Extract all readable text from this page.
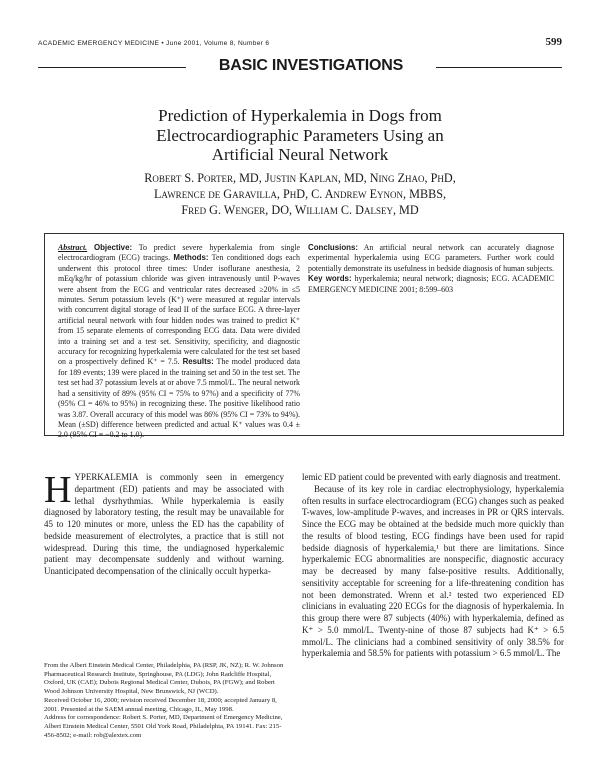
ACADEMIC EMERGENCY MEDICINE • June 2001, Volume 8, Number 6	599
BASIC INVESTIGATIONS
Prediction of Hyperkalemia in Dogs from
Electrocardiographic Parameters Using an
Artificial Neural Network
Robert S. Porter, MD, Justin Kaplan, MD, Ning Zhao, PhD,
Lawrence de Garavilla, PhD, C. Andrew Eynon, MBBS,
Fred G. Wenger, DO, William C. Dalsey, MD
Abstract. Objective: To predict severe hyperkalemia from single electrocardiogram (ECG) tracings. Methods: Ten conditioned dogs each underwent this protocol three times: Under isoflurane anesthesia, 2 mEq/kg/hr of potassium chloride was given intravenously until P-waves were absent from the ECG and ventricular rates decreased ≥20% in ≤5 minutes. Serum potassium levels (K⁺) were measured at regular intervals with concurrent digital storage of lead II of the surface ECG. A three-layer artificial neural network with four hidden nodes was trained to predict K⁺ from 15 separate elements of corresponding ECG data. Data were divided into a training set and a test set. Sensitivity, specificity, and diagnostic accuracy for recognizing hyperkalemia were calculated for the test set based on a prospectively defined K⁺ = 7.5. Results: The model produced data for 189 events; 139 were placed in the training set and 50 in the test set. The test set had 37 potassium levels at or above 7.5 mmol/L. The neural network had a sensitivity of 89% (95% CI = 75% to 97%) and a specificity of 77% (95% CI = 46% to 95%) in recognizing these. The positive likelihood ratio was 3.87. Overall accuracy of this model was 86% (95% CI = 73% to 94%). Mean (±SD) difference between predicted and actual K⁺ values was 0.4 ± 2.0 (95% CI = −0.2 to 1.0).
Conclusions: An artificial neural network can accurately diagnose experimental hyperkalemia using ECG parameters. Further work could potentially demonstrate its usefulness in bedside diagnosis of human subjects. Key words: hyperkalemia; neural network; diagnosis; ECG. ACADEMIC EMERGENCY MEDICINE 2001; 8:599–603
HYPERKALEMIA is commonly seen in emergency department (ED) patients and may be associated with lethal dysrhythmias. While hyperkalemia is easily diagnosed by laboratory testing, the result may be unavailable for 45 to 120 minutes or more, unless the ED has the capability of bedside measurement of electrolytes, a practice that is still not widespread. During this time, the undiagnosed hyperkalemic patient may decompensate suddenly and without warning. Unanticipated decompensation of the clinically occult hyperka-

From the Albert Einstein Medical Center, Philadelphia, PA (RSP, JK, NZ); R. W. Johnson Pharmaceutical Research Institute, Springhouse, PA (LDG); John Radcliffe Hospital, Oxford, UK (CAE); Dubois Regional Medical Center, Dubois, PA (FGW); and Robert Wood Johnson University Hospital, New Brunswick, NJ (WCD).

Received October 16, 2000; revision received December 18, 2000; accepted January 8, 2001. Presented at the SAEM annual meeting, Chicago, IL, May 1998.

Address for correspondence: Robert S. Porter, MD, Department of Emergency Medicine, Albert Einstein Medical Center, 5501 Old York Road, Philadelphia, PA 19141. Fax: 215-456-8502; e-mail: rob@alextex.com

lemic ED patient could be prevented with early diagnosis and treatment.
Because of its key role in cardiac electrophysiology, hyperkalemia often results in surface electrocardiogram (ECG) changes such as peaked T-waves, low-amplitude P-waves, and increases in PR or QRS intervals. Since the ECG may be obtained at the bedside much more quickly than the results of blood testing, ECG findings have been used for rapid bedside diagnosis of hyperkalemia,¹ but there are limitations. Since hyperkalemic ECG abnormalities are nonspecific, diagnostic accuracy may be decreased by many false-positive results. Additionally, sensitivity acceptable for screening for a life-threatening condition has not been demonstrated. Wrenn et al.² tested two experienced ED clinicians in evaluating 220 ECGs for the diagnosis of hyperkalemia. In this group there were 87 subjects (40%) with hyperkalemia, defined as K⁺ > 5.0 mmol/L. Twenty-nine of those 87 subjects had K⁺ > 6.5 mmol/L. The clinicians had a combined sensitivity of only 38.5% for hyperkalemia and 58.5% for patients with potassium > 6.5 mmol/L. The
